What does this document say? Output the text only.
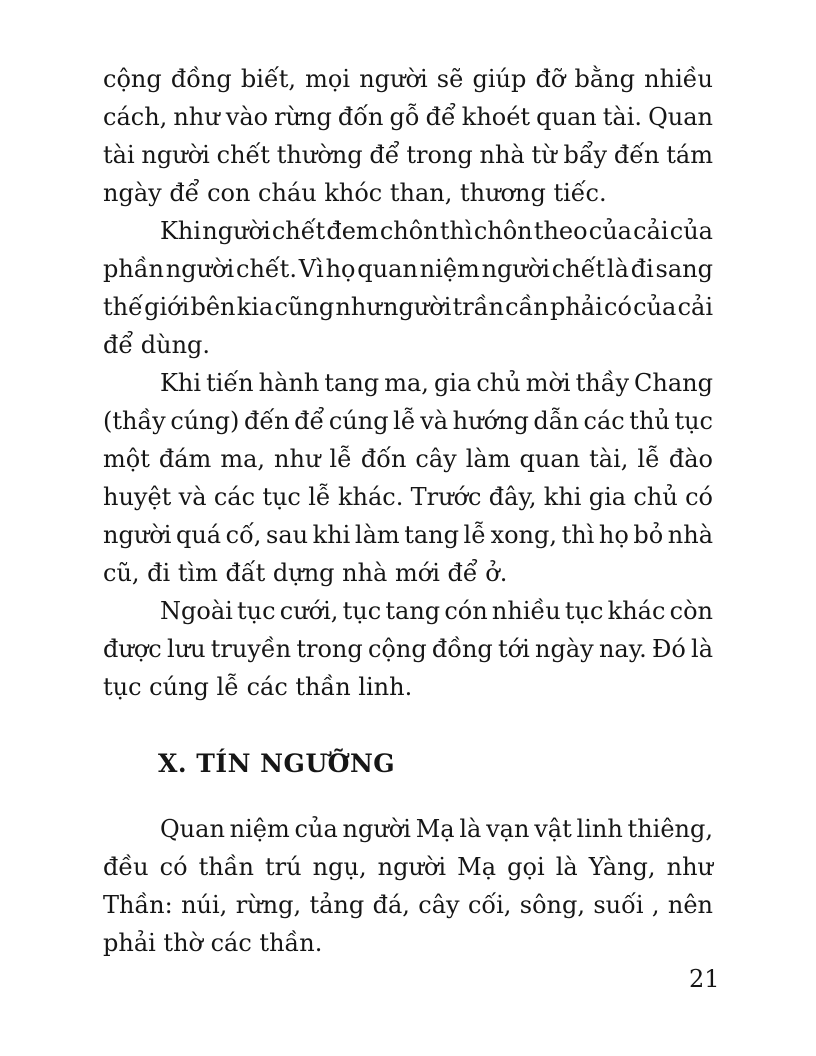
cộng đồng biết, mọi người sẽ giúp đỡ bằng nhiều
cách, như vào rừng đốn gỗ để khoét quan tài. Quan
tài người chết thường để trong nhà từ bẩy đến tám
ngày để con cháu khóc than, thương tiếc.
Khi người chết đem chôn thì chôn theo của cải của
phần người chết. Vì họ quan niệm người chết là đi sang
thế giới bên kia cũng như người trần cần phải có của cải
để dùng.
Khi tiến hành tang ma, gia chủ mời thầy Chang
(thầy cúng) đến để cúng lễ và hướng dẫn các thủ tục
một đám ma, như lễ đốn cây làm quan tài, lễ đào
huyệt và các tục lễ khác. Trước đây, khi gia chủ có
người quá cố, sau khi làm tang lễ xong, thì họ bỏ nhà
cũ, đi tìm đất dựng nhà mới để ở.
Ngoài tục cưới, tục tang cón nhiều tục khác còn
được lưu truyền trong cộng đồng tới ngày nay. Đó là
tục cúng lễ các thần linh.
X. TÍN NGƯỠNG
Quan niệm của người Mạ là vạn vật linh thiêng,
đều có thần trú ngụ, người Mạ gọi là Yàng, như
Thần: núi, rừng, tảng đá, cây cối, sông, suối , nên
phải thờ các thần.
21
